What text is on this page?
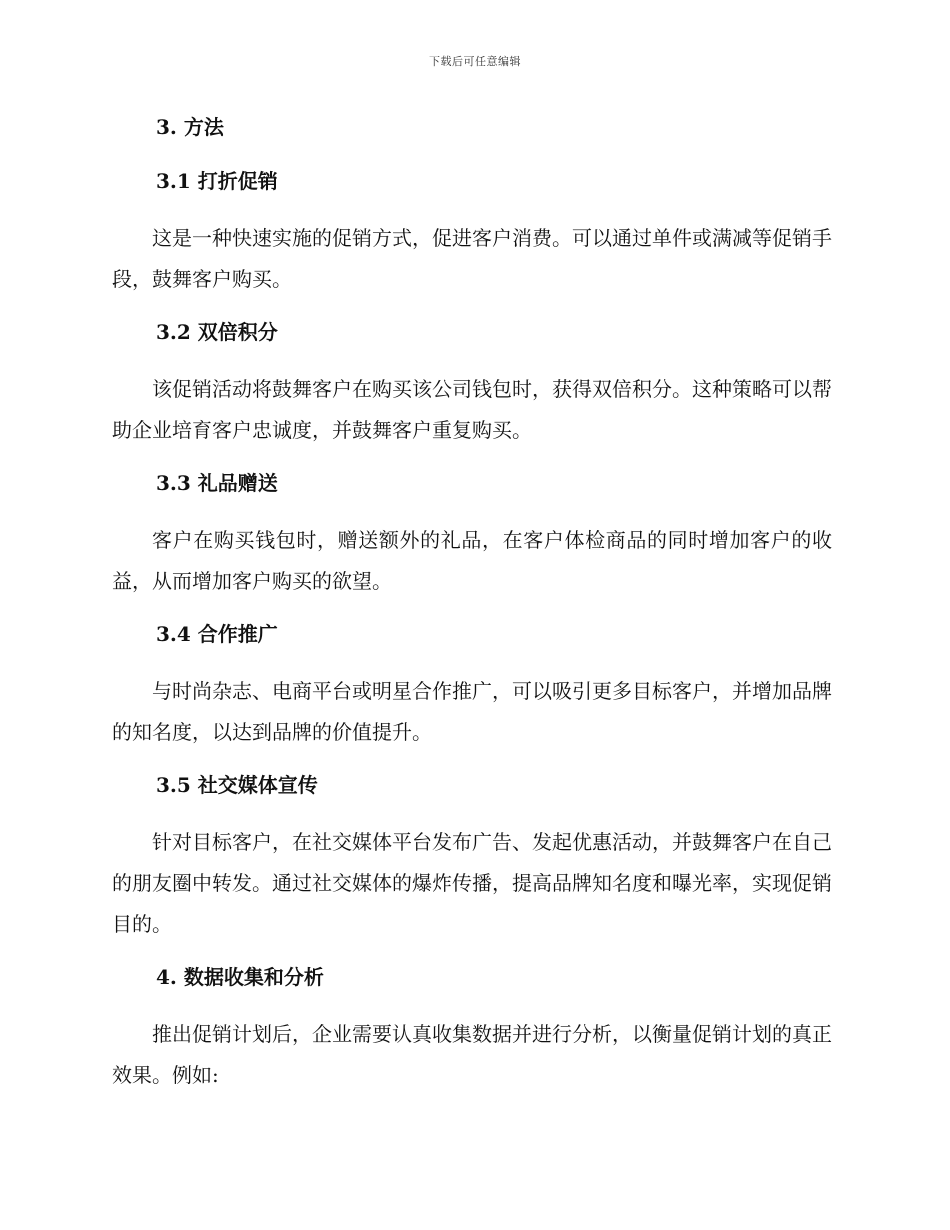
下载后可任意编辑
3. 方法
3.1 打折促销

这是一种快速实施的促销方式，促进客户消费。可以通过单件或满减等促销手段，鼓舞客户购买。

3.2 双倍积分

该促销活动将鼓舞客户在购买该公司钱包时，获得双倍积分。这种策略可以帮助企业培育客户忠诚度，并鼓舞客户重复购买。

3.3 礼品赠送

客户在购买钱包时，赠送额外的礼品，在客户体检商品的同时增加客户的收益，从而增加客户购买的欲望。

3.4 合作推广

与时尚杂志、电商平台或明星合作推广，可以吸引更多目标客户，并增加品牌的知名度，以达到品牌的价值提升。

3.5 社交媒体宣传

针对目标客户，在社交媒体平台发布广告、发起优惠活动，并鼓舞客户在自己的朋友圈中转发。通过社交媒体的爆炸传播，提高品牌知名度和曝光率，实现促销目的。

4. 数据收集和分析

推出促销计划后，企业需要认真收集数据并进行分析，以衡量促销计划的真正效果。例如:
